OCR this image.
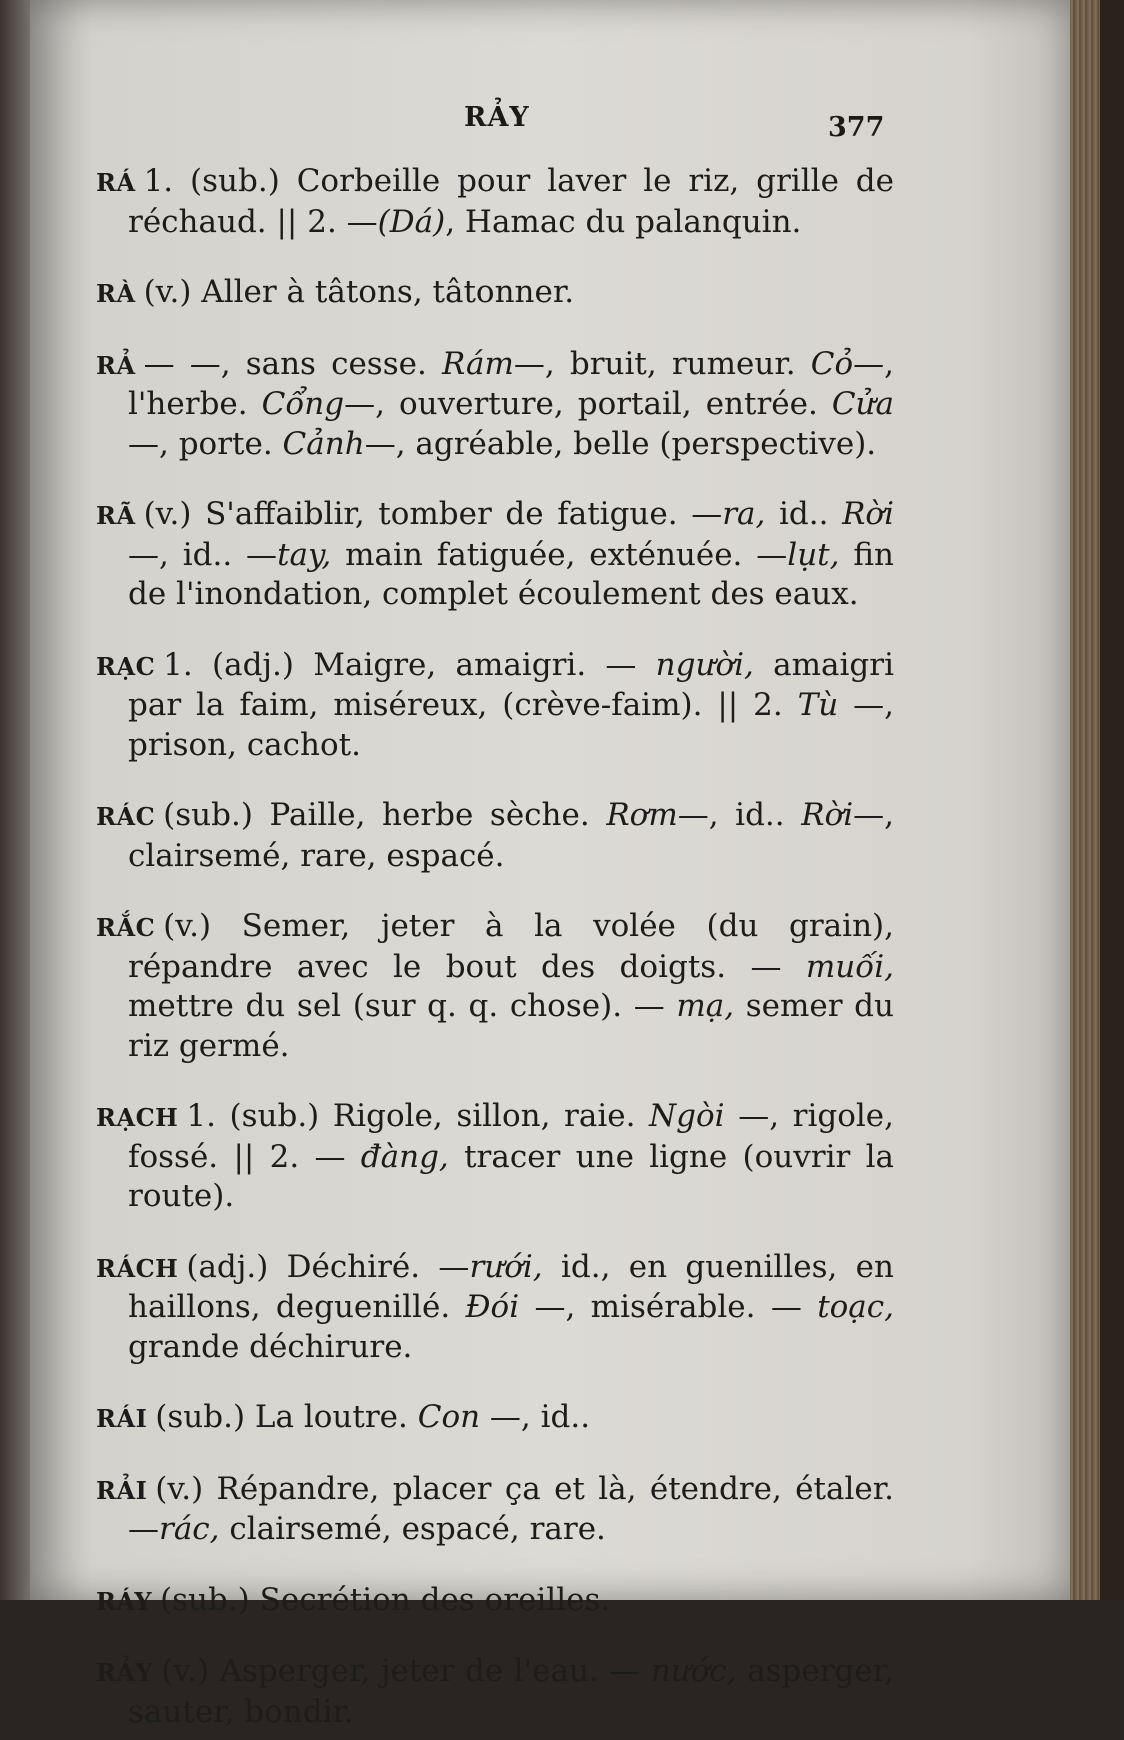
RẢY	377

RÁ 1. (sub.) Corbeille pour laver le riz, grille de réchaud. || 2. —(Dá), Hamac du palanquin.

RÀ (v.) Aller à tâtons, tâtonner.

RẢ — —, sans cesse. Rám—, bruit, rumeur. Cỏ—, l'herbe. Cổng—, ouverture, portail, entrée. Cửa —, porte. Cảnh—, agréable, belle (perspective).

RÃ (v.) S'affaiblir, tomber de fatigue. —ra, id.. Rời —, id.. —tay, main fatiguée, exténuée. —lụt, fin de l'inondation, complet écoulement des eaux.

RẠC 1. (adj.) Maigre, amaigri. — người, amaigri par la faim, miséreux, (crève-faim). || 2. Tù —, prison, cachot.

RÁC (sub.) Paille, herbe sèche. Rơm—, id.. Rời—, clairsemé, rare, espacé.

RẮC (v.) Semer, jeter à la volée (du grain), répandre avec le bout des doigts. — muối, mettre du sel (sur q. q. chose). — mạ, semer du riz germé.

RẠCH 1. (sub.) Rigole, sillon, raie. Ngòi —, rigole, fossé. || 2. — đàng, tracer une ligne (ouvrir la route).

RÁCH (adj.) Déchiré. —rưới, id., en guenilles, en haillons, deguenillé. Đói —, misérable. — toạc, grande déchirure.

RÁI (sub.) La loutre. Con —, id..

RẢI (v.) Répandre, placer ça et là, étendre, étaler. —rác, clairsemé, espacé, rare.

RÁY (sub.) Secrétion des oreilles.

RẢY (v.) Asperger, jeter de l'eau. — nước, asperger, sauter, bondir.
